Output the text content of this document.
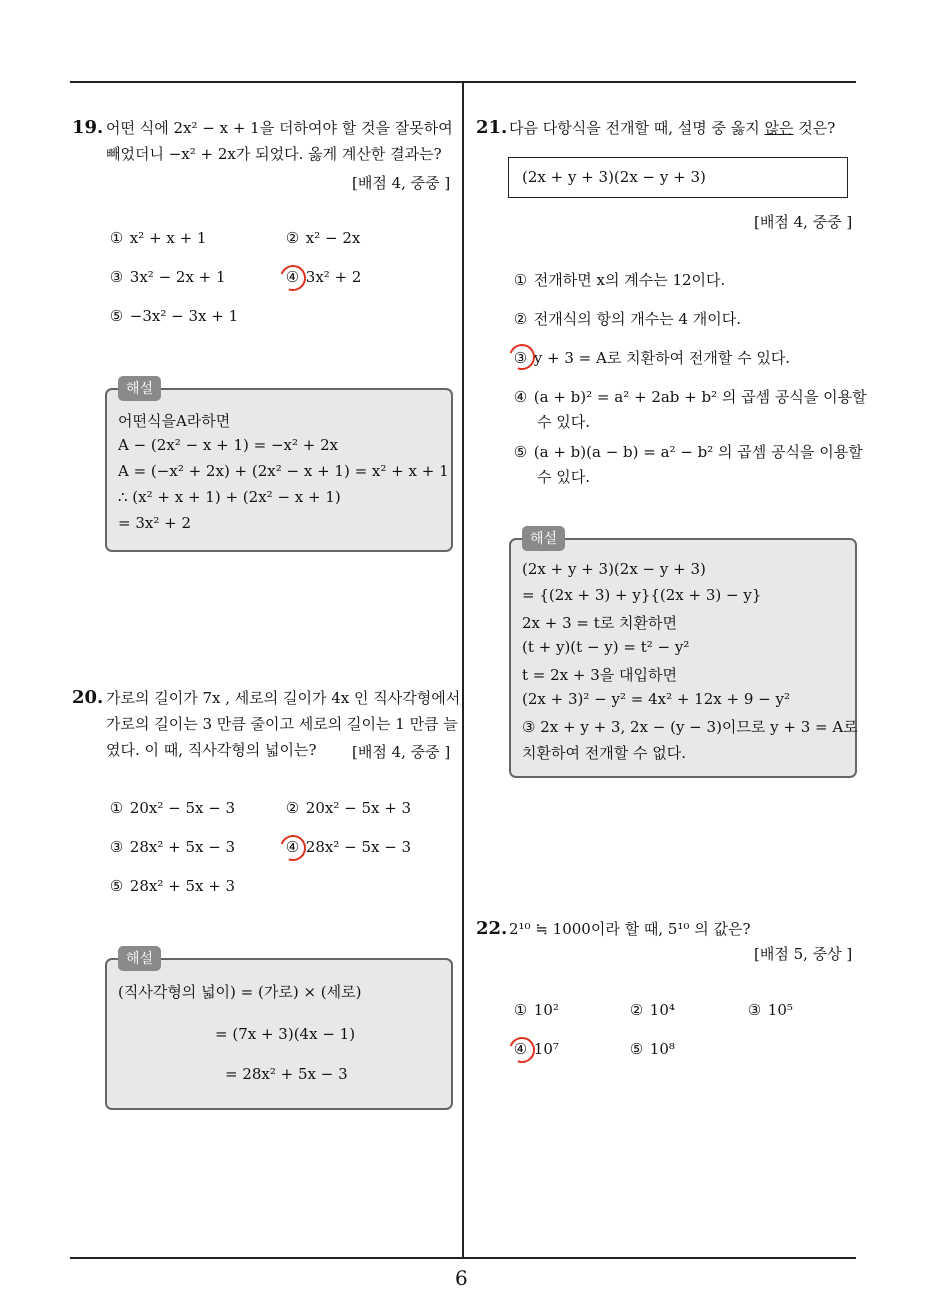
6
19. 어떤 식에 2x² − x + 1을 더하여야 할 것을 잘못하여
빼었더니 −x² + 2x가 되었다. 옳게 계산한 결과는?
[배점 4, 중중 ]
① x² + x + 1	② x² − 2x
③ 3x² − 2x + 1	④ 3x² + 2
⑤ −3x² − 3x + 1
해설
어떤식을A라하면
A − (2x² − x + 1) = −x² + 2x
A = (−x² + 2x) + (2x² − x + 1) = x² + x + 1
∴ (x² + x + 1) + (2x² − x + 1)
= 3x² + 2
20. 가로의 길이가 7x , 세로의 길이가 4x 인 직사각형에서
가로의 길이는 3 만큼 줄이고 세로의 길이는 1 만큼 늘
였다. 이 때, 직사각형의 넓이는? [배점 4, 중중 ]
① 20x² − 5x − 3	② 20x² − 5x + 3
③ 28x² + 5x − 3	④ 28x² − 5x − 3
⑤ 28x² + 5x + 3
해설
(직사각형의 넓이) = (가로) × (세로)
= (7x + 3)(4x − 1)
= 28x² + 5x − 3
21. 다음 다항식을 전개할 때, 설명 중 옳지 않은 것은?
(2x + y + 3)(2x − y + 3)
[배점 4, 중중 ]
① 전개하면 x의 계수는 12이다.
② 전개식의 항의 개수는 4 개이다.
③ y + 3 = A로 치환하여 전개할 수 있다.
④ (a + b)² = a² + 2ab + b² 의 곱셈 공식을 이용할
수 있다.
⑤ (a + b)(a − b) = a² − b² 의 곱셈 공식을 이용할
수 있다.
해설
(2x + y + 3)(2x − y + 3)
= {(2x + 3) + y}{(2x + 3) − y}
2x + 3 = t로 치환하면
(t + y)(t − y) = t² − y²
t = 2x + 3을 대입하면
(2x + 3)² − y² = 4x² + 12x + 9 − y²
③ 2x + y + 3, 2x − (y − 3)이므로 y + 3 = A로
치환하여 전개할 수 없다.
22. 2¹⁰ ≒ 1000이라 할 때, 5¹⁰ 의 값은?
[배점 5, 중상 ]
① 10²	② 10⁴	③ 10⁵
④ 10⁷	⑤ 10⁸
